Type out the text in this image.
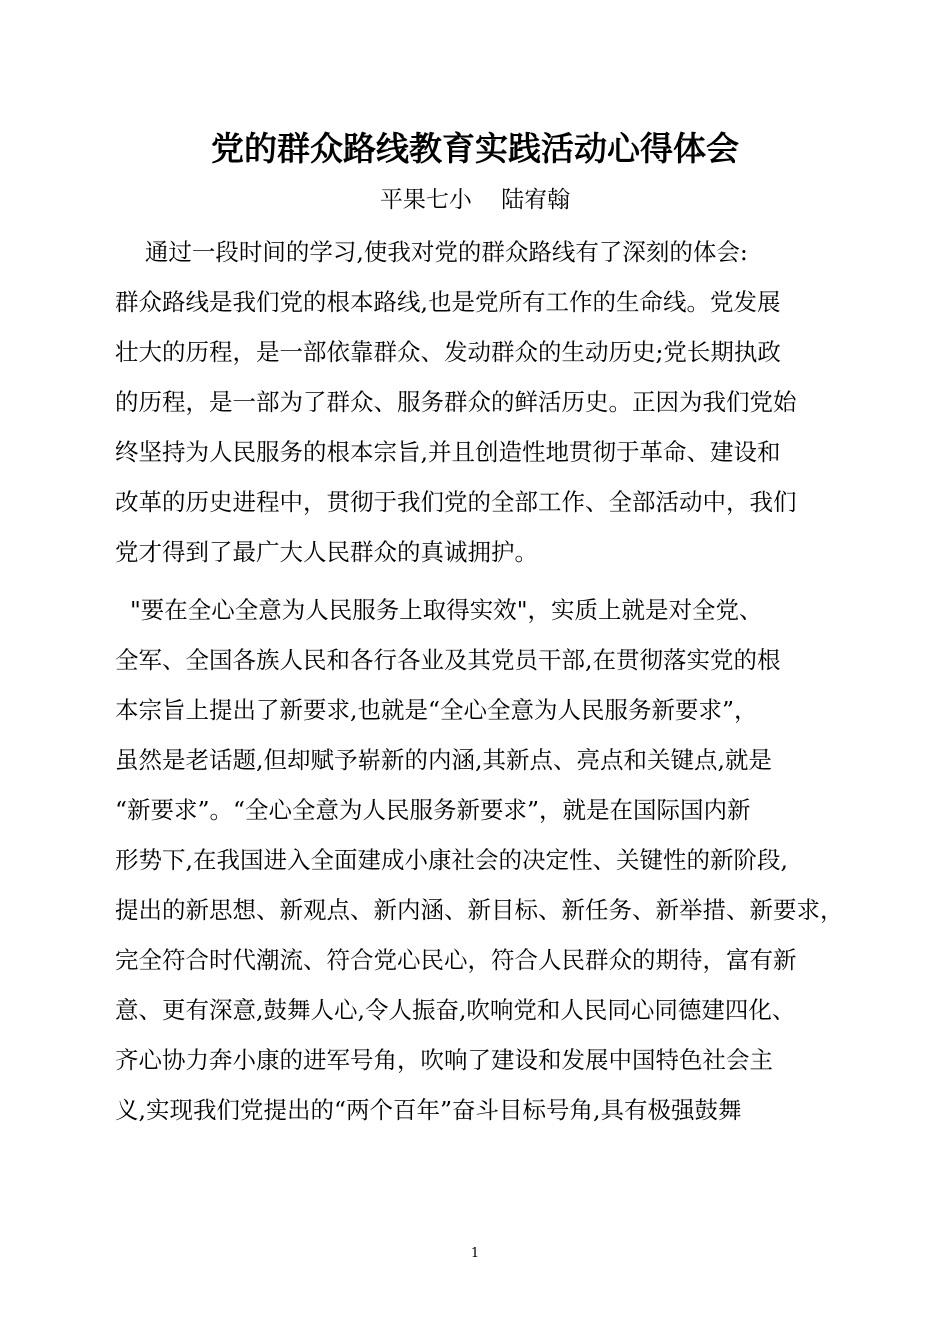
党的群众路线教育实践活动心得体会

平果七小    陆宥翰

通过一段时间的学习,使我对党的群众路线有了深刻的体会:
群众路线是我们党的根本路线,也是党所有工作的生命线。党发展
壮大的历程，是一部依靠群众、发动群众的生动历史;党长期执政
的历程，是一部为了群众、服务群众的鲜活历史。正因为我们党始
终坚持为人民服务的根本宗旨,并且创造性地贯彻于革命、建设和
改革的历史进程中，贯彻于我们党的全部工作、全部活动中，我们
党才得到了最广大人民群众的真诚拥护。
"要在全心全意为人民服务上取得实效"，实质上就是对全党、
全军、全国各族人民和各行各业及其党员干部,在贯彻落实党的根
本宗旨上提出了新要求,也就是“全心全意为人民服务新要求”，
虽然是老话题,但却赋予崭新的内涵,其新点、亮点和关键点,就是
“新要求”。“全心全意为人民服务新要求”，就是在国际国内新
形势下,在我国进入全面建成小康社会的决定性、关键性的新阶段,
提出的新思想、新观点、新内涵、新目标、新任务、新举措、新要求，
完全符合时代潮流、符合党心民心，符合人民群众的期待，富有新
意、更有深意,鼓舞人心,令人振奋,吹响党和人民同心同德建四化、
齐心协力奔小康的进军号角，吹响了建设和发展中国特色社会主
义,实现我们党提出的“两个百年”奋斗目标号角,具有极强鼓舞
1
